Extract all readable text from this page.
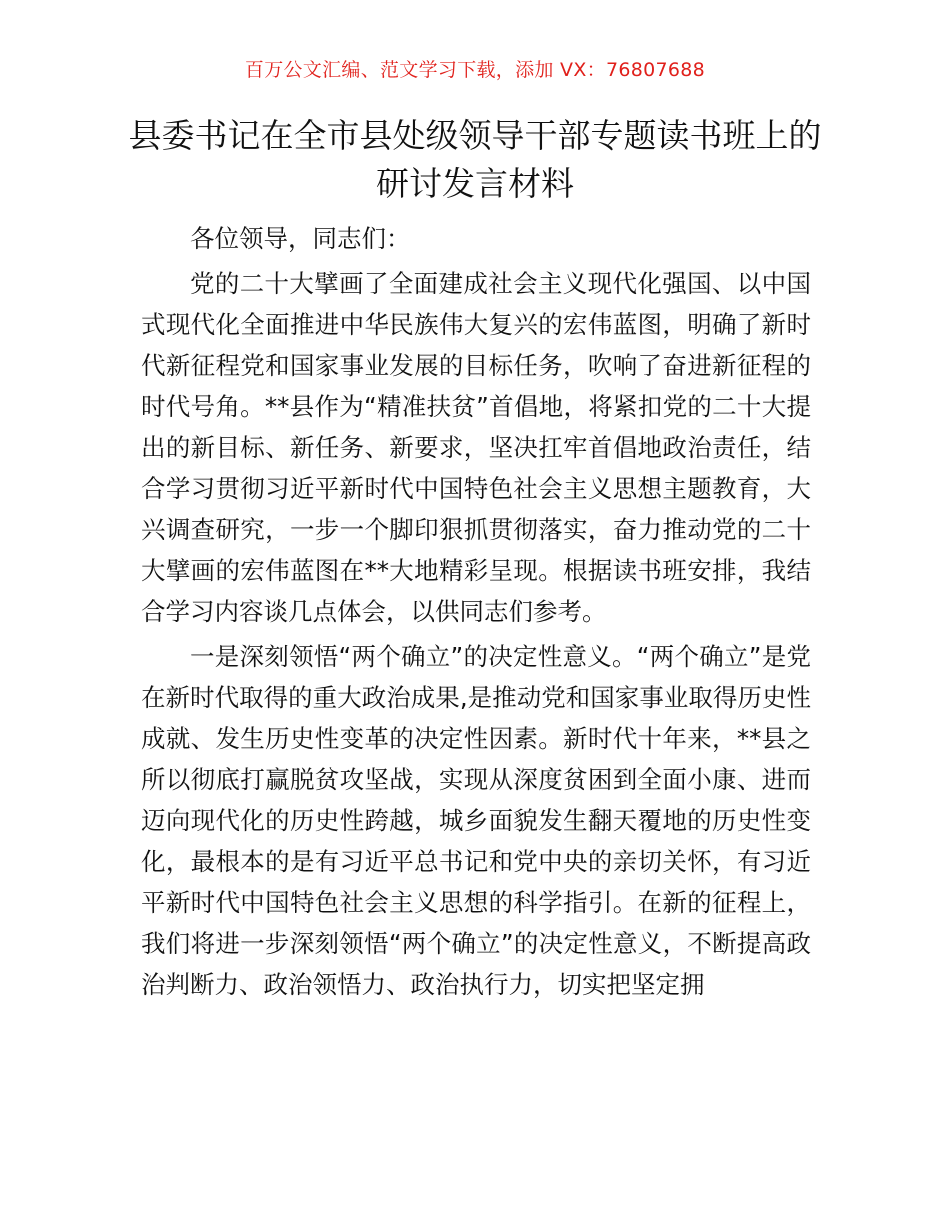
百万公文汇编、范文学习下载，添加 VX：76807688
县委书记在全市县处级领导干部专题读书班上的研讨发言材料

各位领导，同志们：

党的二十大擘画了全面建成社会主义现代化强国、以中国式现代化全面推进中华民族伟大复兴的宏伟蓝图，明确了新时代新征程党和国家事业发展的目标任务，吹响了奋进新征程的时代号角。**县作为“精准扶贫”首倡地，将紧扣党的二十大提出的新目标、新任务、新要求，坚决扛牢首倡地政治责任，结合学习贯彻习近平新时代中国特色社会主义思想主题教育，大兴调查研究，一步一个脚印狠抓贯彻落实，奋力推动党的二十大擘画的宏伟蓝图在**大地精彩呈现。根据读书班安排，我结合学习内容谈几点体会，以供同志们参考。

一是深刻领悟“两个确立”的决定性意义。“两个确立”是党在新时代取得的重大政治成果,是推动党和国家事业取得历史性成就、发生历史性变革的决定性因素。新时代十年来，**县之所以彻底打赢脱贫攻坚战，实现从深度贫困到全面小康、进而迈向现代化的历史性跨越，城乡面貌发生翻天覆地的历史性变化，最根本的是有习近平总书记和党中央的亲切关怀，有习近平新时代中国特色社会主义思想的科学指引。在新的征程上，我们将进一步深刻领悟“两个确立”的决定性意义，不断提高政治判断力、政治领悟力、政治执行力，切实把坚定拥
